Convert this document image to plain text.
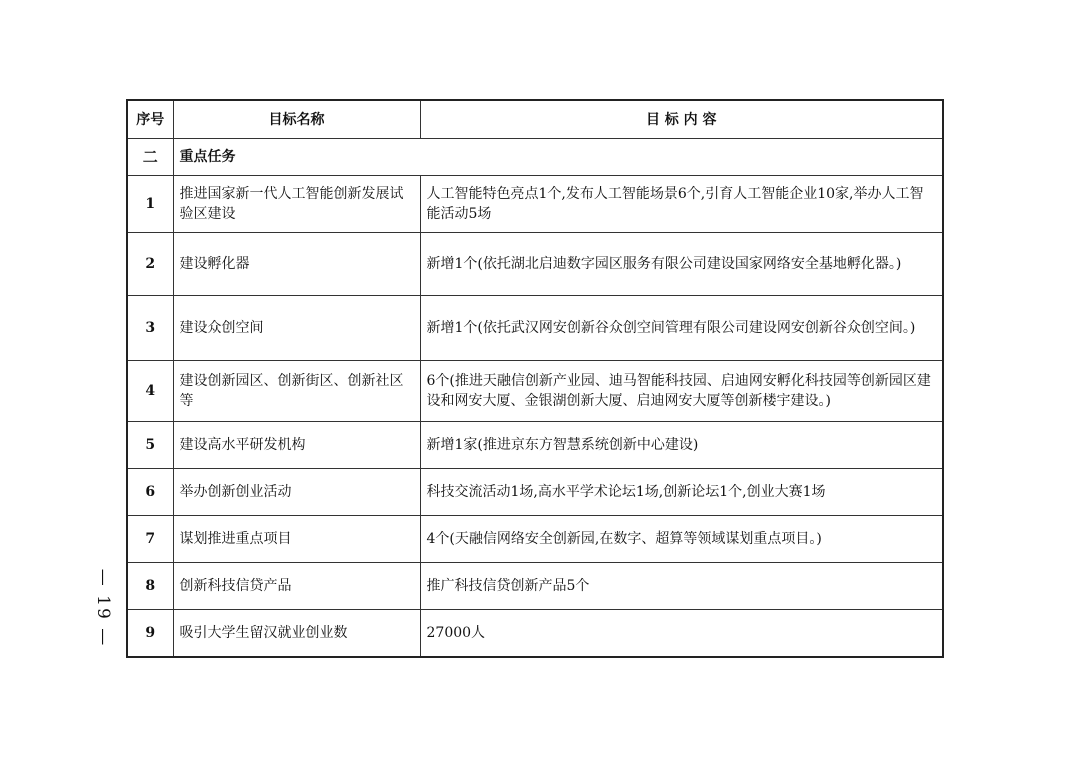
— 19 —
序号	目标名称	目 标 内 容
二	重点任务	
1	推进国家新一代人工智能创新发展试验区建设	人工智能特色亮点1个,发布人工智能场景6个,引育人工智能企业10家,举办人工智能活动5场
2	建设孵化器	新增1个(依托湖北启迪数字园区服务有限公司建设国家网络安全基地孵化器。)
3	建设众创空间	新增1个(依托武汉网安创新谷众创空间管理有限公司建设网安创新谷众创空间。)
4	建设创新园区、创新街区、创新社区等	6个(推进天融信创新产业园、迪马智能科技园、启迪网安孵化科技园等创新园区建设和网安大厦、金银湖创新大厦、启迪网安大厦等创新楼宇建设。)
5	建设高水平研发机构	新增1家(推进京东方智慧系统创新中心建设)
6	举办创新创业活动	科技交流活动1场,高水平学术论坛1场,创新论坛1个,创业大赛1场
7	谋划推进重点项目	4个(天融信网络安全创新园,在数字、超算等领域谋划重点项目。)
8	创新科技信贷产品	推广科技信贷创新产品5个
9	吸引大学生留汉就业创业数	27000人
